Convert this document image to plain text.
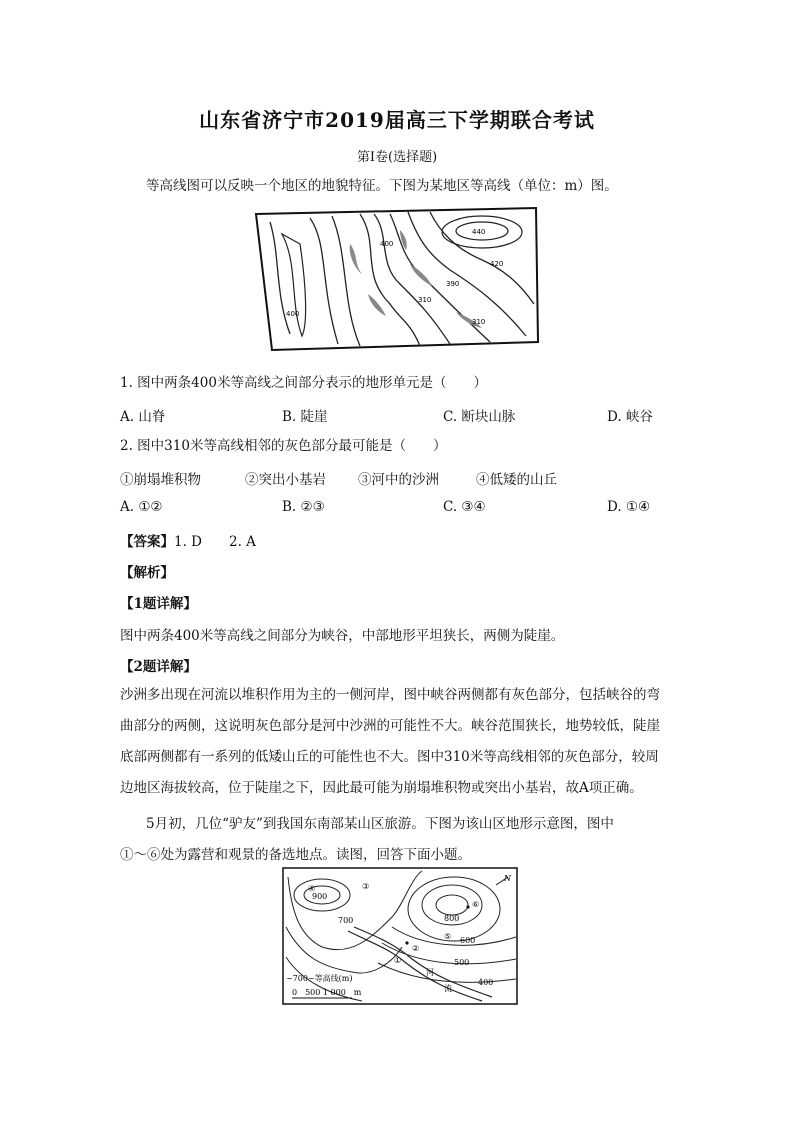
山东省济宁市2019届高三下学期联合考试
第Ⅰ卷(选择题)
等高线图可以反映一个地区的地貌特征。下图为某地区等高线（单位：m）图。
440
420
400
310
400
310
390
1. 图中两条400米等高线之间部分表示的地形单元是（　　）
A. 山脊	B. 陡崖	C. 断块山脉	D. 峡谷
2. 图中310米等高线相邻的灰色部分最可能是（　　）
①崩塌堆积物	②突出小基岩 ③河中的沙洲	④低矮的山丘
A. ①②	B. ②③	C. ③④	D. ①④
【答案】1. D　　2. A
【解析】
【1题详解】
图中两条400米等高线之间部分为峡谷，中部地形平坦狭长，两侧为陡崖。
【2题详解】
沙洲多出现在河流以堆积作用为主的一侧河岸，图中峡谷两侧都有灰色部分，包括峡谷的弯
曲部分的两侧，这说明灰色部分是河中沙洲的可能性不大。峡谷范围狭长，地势较低，陡崖
底部两侧都有一系列的低矮山丘的可能性也不大。图中310米等高线相邻的灰色部分，较周
边地区海拔较高，位于陡崖之下，因此最可能为崩塌堆积物或突出小基岩，故A项正确。
5月初，几位“驴友”到我国东南部某山区旅游。下图为该山区地形示意图，图中
①～⑥处为露营和观景的备选地点。读图，回答下面小题。
900
700	800
600
500
400
N
河
流
①
②
③
④
⑤
⑥
~700~等高线(m)
0　500 1 000　m
